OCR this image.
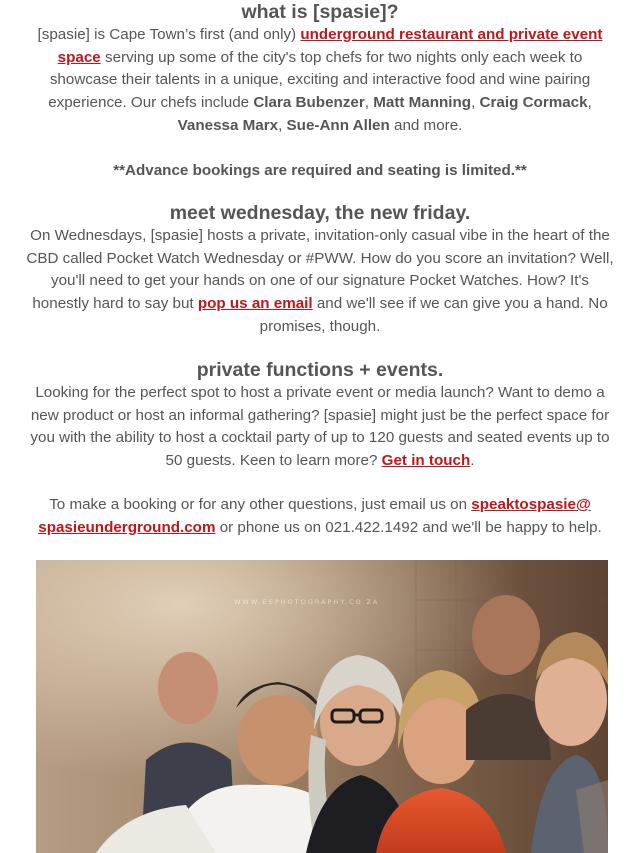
what is [spasie]?

[spasie] is Cape Town’s first (and only) underground restaurant and private event space serving up some of the city's top chefs for two nights only each week to showcase their talents in a unique, exciting and interactive food and wine pairing experience. Our chefs include Clara Bubenzer, Matt Manning, Craig Cormack, Vanessa Marx, Sue-Ann Allen and more.

**Advance bookings are required and seating is limited.**

meet wednesday, the new friday.

On Wednesdays, [spasie] hosts a private, invitation-only casual vibe in the heart of the CBD called Pocket Watch Wednesday or #PWW. How do you score an invitation? Well, you'll need to get your hands on one of our signature Pocket Watches. How? It's honestly hard to say but pop us an email and we'll see if we can give you a hand. No promises, though.

private functions + events.

Looking for the perfect spot to host a private event or media launch? Want to demo a new product or host an informal gathering? [spasie] might just be the perfect space for you with the ability to host a cocktail party of up to 120 guests and seated events up to 50 guests. Keen to learn more? Get in touch.

To make a booking or for any other questions, just email us on speaktospasie@ spasieunderground.com or phone us on 021.422.1492 and we'll be happy to help.

WWW.EEPHOTOGRAPHY.CO.ZA
